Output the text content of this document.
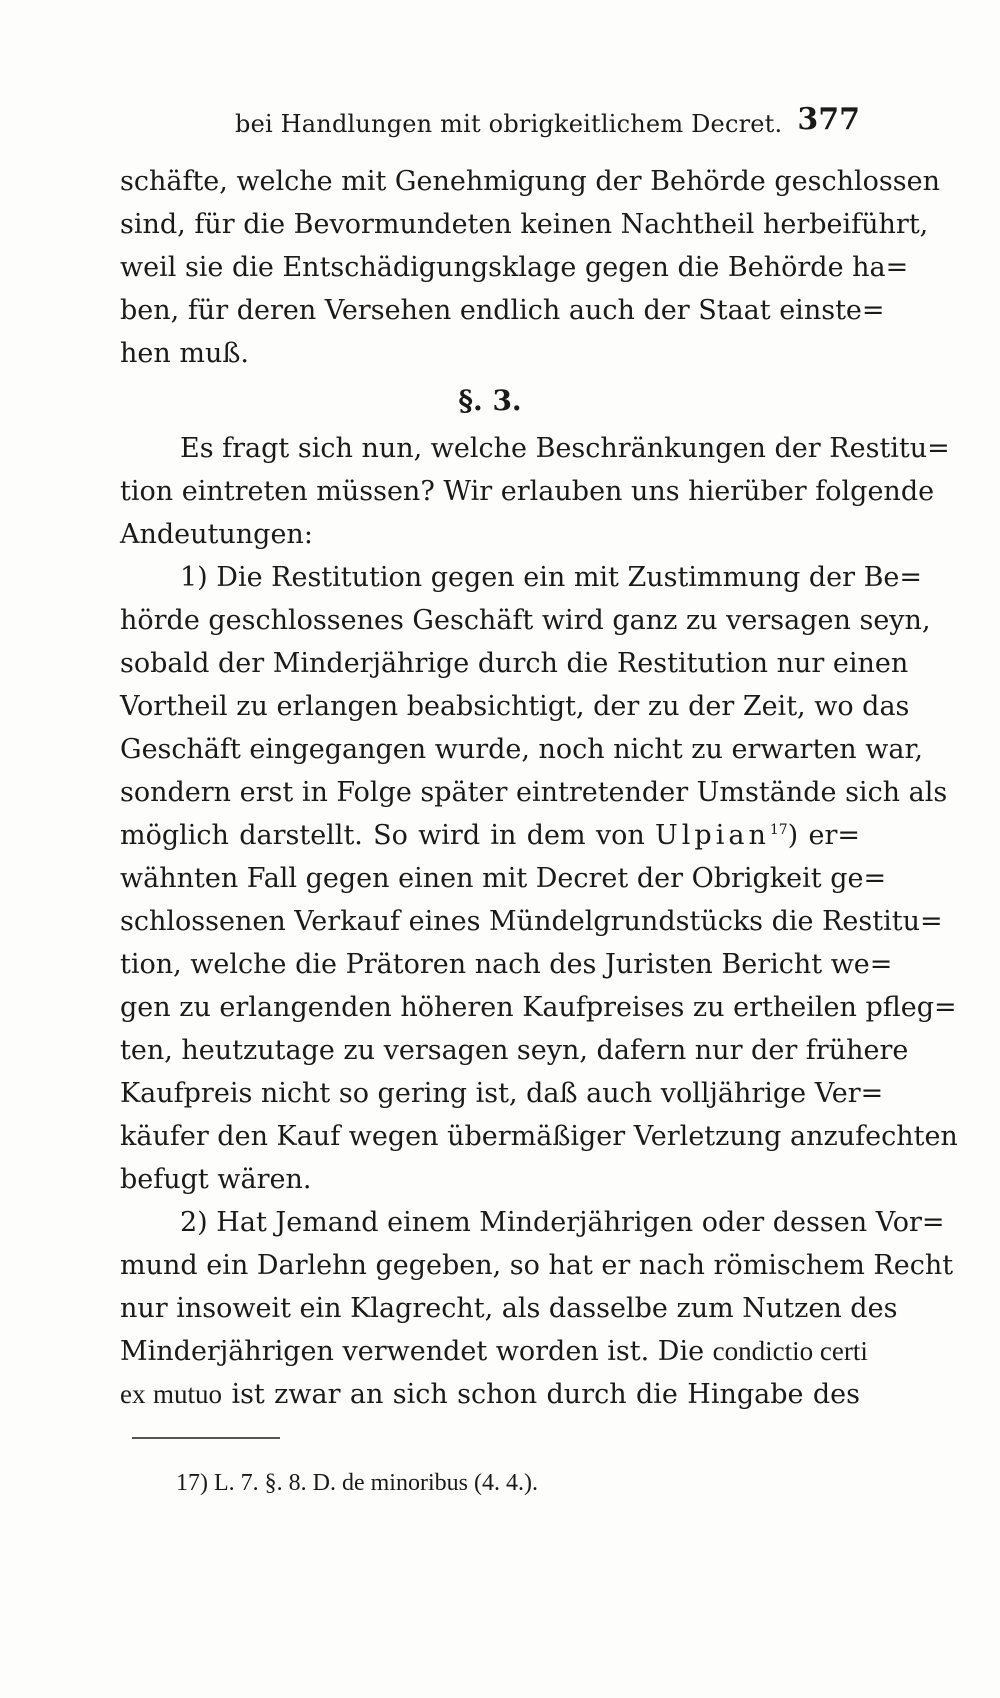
bei Handlungen mit obrigkeitlichem Decret. 377
schäfte, welche mit Genehmigung der Behörde geschlossen
sind, für die Bevormundeten keinen Nachtheil herbeiführt,
weil sie die Entschädigungsklage gegen die Behörde ha=
ben, für deren Versehen endlich auch der Staat einste=
hen muß.
§. 3.
Es fragt sich nun, welche Beschränkungen der Restitu=
tion eintreten müssen? Wir erlauben uns hierüber folgende
Andeutungen:
1) Die Restitution gegen ein mit Zustimmung der Be=
hörde geschlossenes Geschäft wird ganz zu versagen seyn,
sobald der Minderjährige durch die Restitution nur einen
Vortheil zu erlangen beabsichtigt, der zu der Zeit, wo das
Geschäft eingegangen wurde, noch nicht zu erwarten war,
sondern erst in Folge später eintretender Umstände sich als
möglich darstellt. So wird in dem von Ulpian$^{17}$) er=
wähnten Fall gegen einen mit Decret der Obrigkeit ge=
schlossenen Verkauf eines Mündelgrundstücks die Restitu=
tion, welche die Prätoren nach des Juristen Bericht we=
gen zu erlangenden höheren Kaufpreises zu ertheilen pfleg=
ten, heutzutage zu versagen seyn, dafern nur der frühere
Kaufpreis nicht so gering ist, daß auch volljährige Ver=
käufer den Kauf wegen übermäßiger Verletzung anzufechten
befugt wären.
2) Hat Jemand einem Minderjährigen oder dessen Vor=
mund ein Darlehn gegeben, so hat er nach römischem Recht
nur insoweit ein Klagrecht, als dasselbe zum Nutzen des
Minderjährigen verwendet worden ist. Die condictio certi
ex mutuo ist zwar an sich schon durch die Hingabe des
17) L. 7. §. 8. D. de minoribus (4. 4.).
